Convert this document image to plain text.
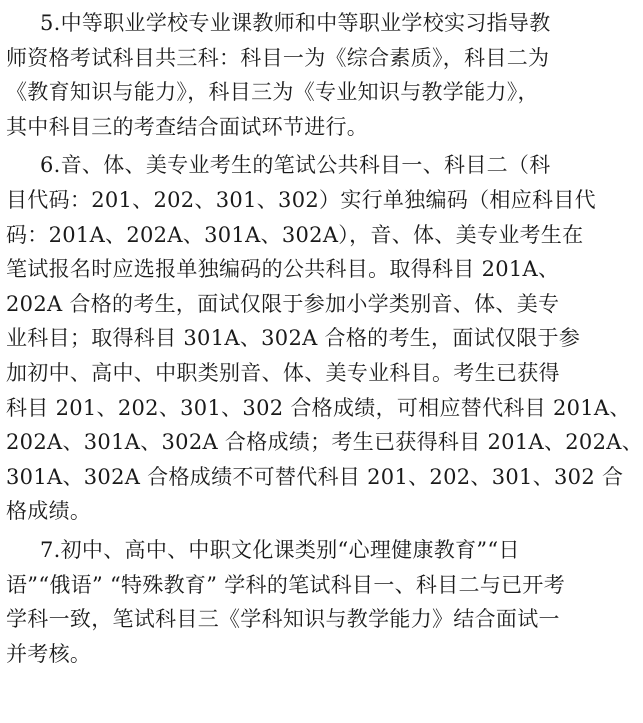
5.中等职业学校专业课教师和中等职业学校实习指导教
师资格考试科目共三科：科目一为《综合素质》，科目二为
《教育知识与能力》，科目三为《专业知识与教学能力》，
其中科目三的考查结合面试环节进行。
6.音、体、美专业考生的笔试公共科目一、科目二（科
目代码：201、202、301、302）实行单独编码（相应科目代
码：201A、202A、301A、302A），音、体、美专业考生在
笔试报名时应选报单独编码的公共科目。取得科目 201A、
202A 合格的考生，面试仅限于参加小学类别音、体、美专
业科目；取得科目 301A、302A 合格的考生，面试仅限于参
加初中、高中、中职类别音、体、美专业科目。考生已获得
科目 201、202、301、302 合格成绩，可相应替代科目 201A、
202A、301A、302A 合格成绩；考生已获得科目 201A、202A、
301A、302A 合格成绩不可替代科目 201、202、301、302 合
格成绩。
7.初中、高中、中职文化课类别“心理健康教育”“日
语”“俄语” “特殊教育” 学科的笔试科目一、科目二与已开考
学科一致，笔试科目三《学科知识与教学能力》结合面试一
并考核。
